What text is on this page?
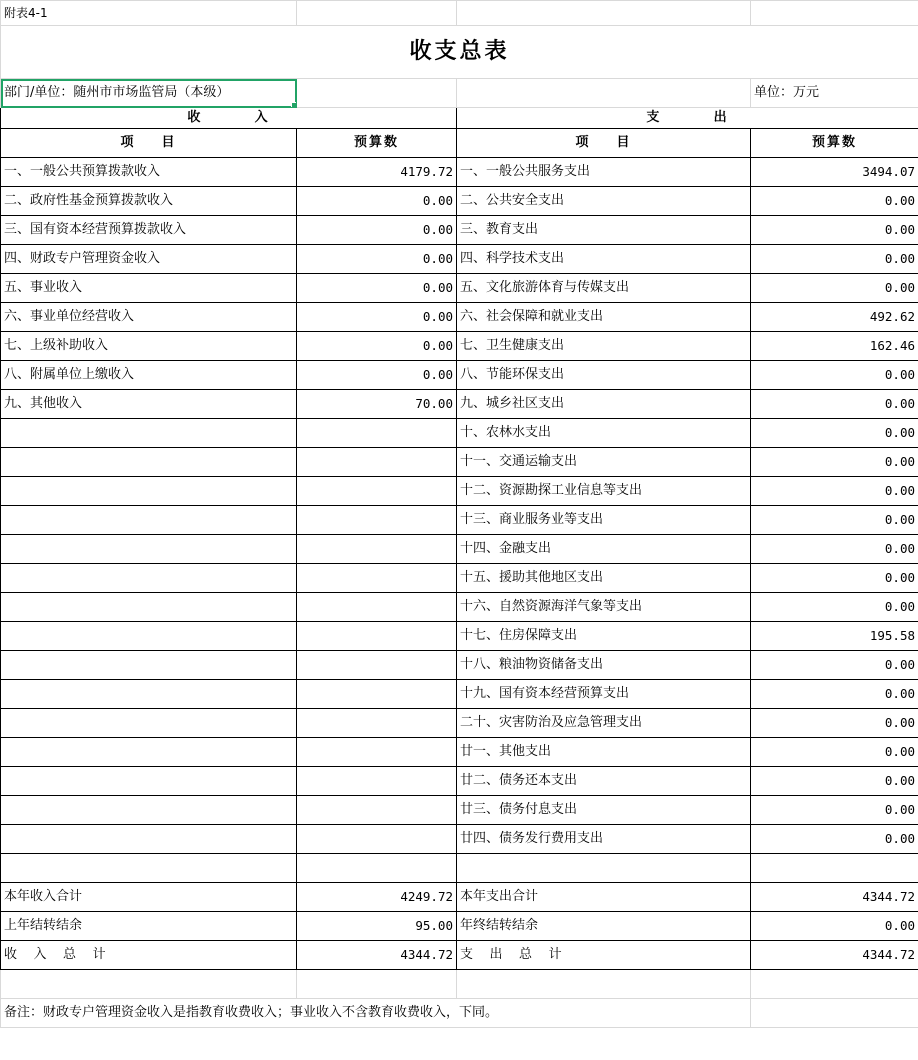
附表4-1			
收支总表			
部门/单位：随州市市场监管局（本级）			单位：万元
收        入		支        出	
项    目	预算数	项    目	预算数
一、一般公共预算拨款收入	4179.72	一、一般公共服务支出	3494.07
二、政府性基金预算拨款收入	0.00	二、公共安全支出	0.00
三、国有资本经营预算拨款收入	0.00	三、教育支出	0.00
四、财政专户管理资金收入	0.00	四、科学技术支出	0.00
五、事业收入	0.00	五、文化旅游体育与传媒支出	0.00
六、事业单位经营收入	0.00	六、社会保障和就业支出	492.62
七、上级补助收入	0.00	七、卫生健康支出	162.46
八、附属单位上缴收入	0.00	八、节能环保支出	0.00
九、其他收入	70.00	九、城乡社区支出	0.00
		十、农林水支出	0.00
		十一、交通运输支出	0.00
		十二、资源勘探工业信息等支出	0.00
		十三、商业服务业等支出	0.00
		十四、金融支出	0.00
		十五、援助其他地区支出	0.00
		十六、自然资源海洋气象等支出	0.00
		十七、住房保障支出	195.58
		十八、粮油物资储备支出	0.00
		十九、国有资本经营预算支出	0.00
		二十、灾害防治及应急管理支出	0.00
		廿一、其他支出	0.00
		廿二、债务还本支出	0.00
		廿三、债务付息支出	0.00
		廿四、债务发行费用支出	0.00

本年收入合计	4249.72	本年支出合计	4344.72
上年结转结余	95.00	年终结转结余	0.00
收    入    总    计	4344.72	支    出    总    计	4344.72

备注：财政专户管理资金收入是指教育收费收入；事业收入不含教育收费收入，下同。			
